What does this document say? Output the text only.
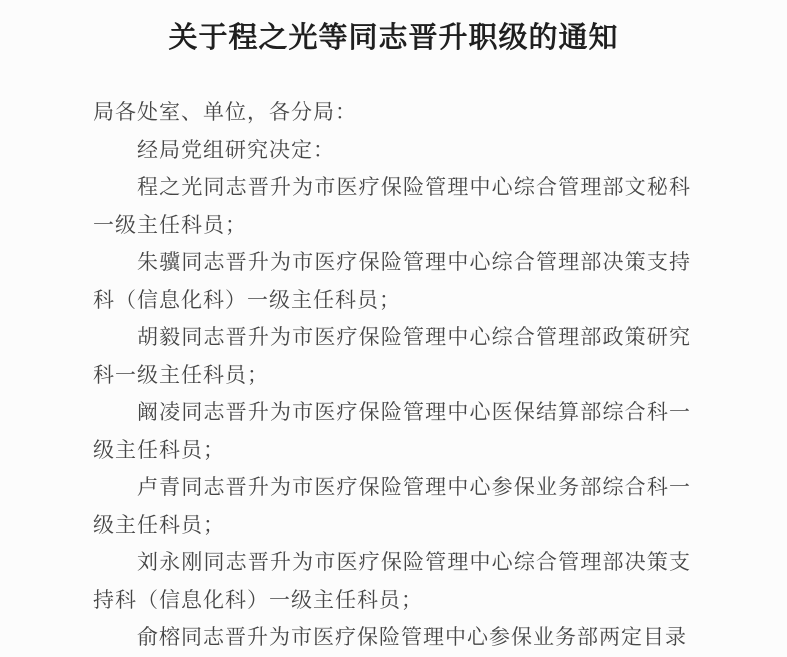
关于程之光等同志晋升职级的通知

局各处室、单位，各分局：

经局党组研究决定：

程之光同志晋升为市医疗保险管理中心综合管理部文秘科一级主任科员；

朱骥同志晋升为市医疗保险管理中心综合管理部决策支持科（信息化科）一级主任科员；

胡毅同志晋升为市医疗保险管理中心综合管理部政策研究科一级主任科员；

阚凌同志晋升为市医疗保险管理中心医保结算部综合科一级主任科员；

卢青同志晋升为市医疗保险管理中心参保业务部综合科一级主任科员；

刘永刚同志晋升为市医疗保险管理中心综合管理部决策支持科（信息化科）一级主任科员；

俞榕同志晋升为市医疗保险管理中心参保业务部两定目录
